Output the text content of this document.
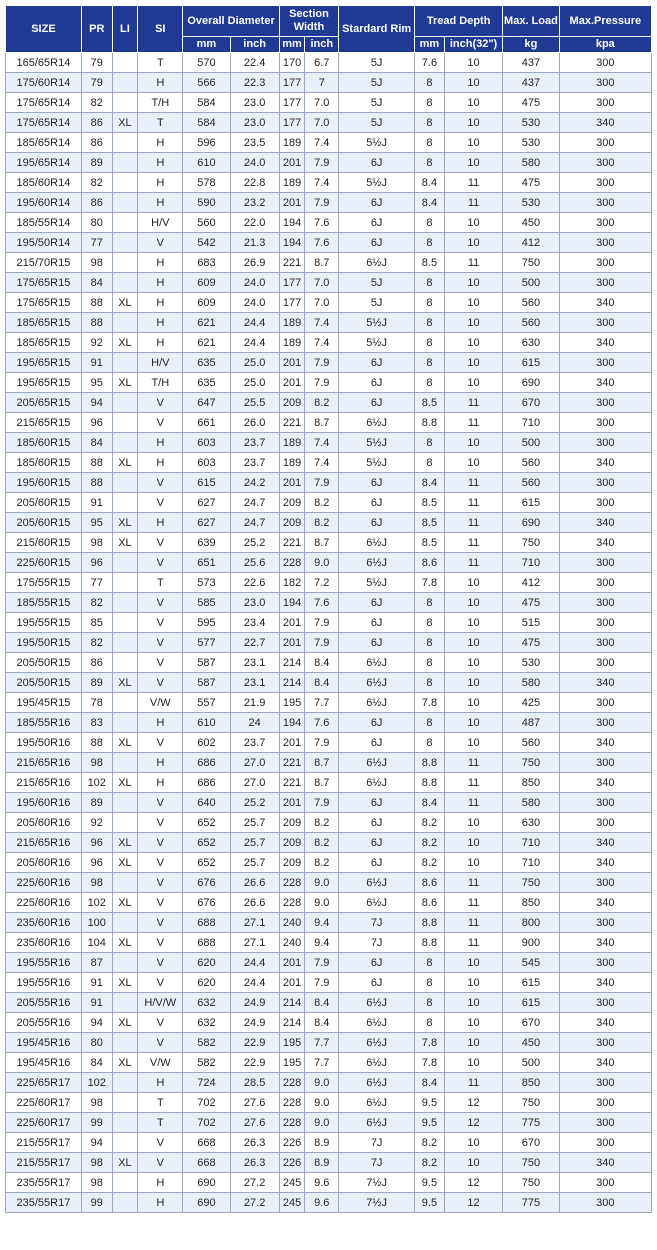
SIZE	PR	LI	SI	Overall Diameter		Section Width		Stardard Rim	Tread Depth		Max. Load	Max.Pressure
				mm	inch	mm	inch		mm	inch(32")	kg	kpa
165/65R14	79		T	570	22.4	170	6.7	5J	7.6	10	437	300
175/60R14	79		H	566	22.3	177	7	5J	8	10	437	300
175/65R14	82		T/H	584	23.0	177	7.0	5J	8	10	475	300
175/65R14	86	XL	T	584	23.0	177	7.0	5J	8	10	530	340
185/65R14	86		H	596	23.5	189	7.4	5½J	8	10	530	300
195/65R14	89		H	610	24.0	201	7.9	6J	8	10	580	300
185/60R14	82		H	578	22.8	189	7.4	5½J	8.4	11	475	300
195/60R14	86		H	590	23.2	201	7.9	6J	8.4	11	530	300
185/55R14	80		H/V	560	22.0	194	7.6	6J	8	10	450	300
195/50R14	77		V	542	21.3	194	7.6	6J	8	10	412	300
215/70R15	98		H	683	26.9	221	8.7	6½J	8.5	11	750	300
175/65R15	84		H	609	24.0	177	7.0	5J	8	10	500	300
175/65R15	88	XL	H	609	24.0	177	7.0	5J	8	10	560	340
185/65R15	88		H	621	24.4	189	7.4	5½J	8	10	560	300
185/65R15	92	XL	H	621	24.4	189	7.4	5½J	8	10	630	340
195/65R15	91		H/V	635	25.0	201	7.9	6J	8	10	615	300
195/65R15	95	XL	T/H	635	25.0	201	7.9	6J	8	10	690	340
205/65R15	94		V	647	25.5	209	8.2	6J	8.5	11	670	300
215/65R15	96		V	661	26.0	221	8.7	6½J	8.8	11	710	300
185/60R15	84		H	603	23.7	189	7.4	5½J	8	10	500	300
185/60R15	88	XL	H	603	23.7	189	7.4	5½J	8	10	560	340
195/60R15	88		V	615	24.2	201	7.9	6J	8.4	11	560	300
205/60R15	91		V	627	24.7	209	8.2	6J	8.5	11	615	300
205/60R15	95	XL	H	627	24.7	209	8.2	6J	8.5	11	690	340
215/60R15	98	XL	V	639	25.2	221	8.7	6½J	8.5	11	750	340
225/60R15	96		V	651	25.6	228	9.0	6½J	8.6	11	710	300
175/55R15	77		T	573	22.6	182	7.2	5½J	7.8	10	412	300
185/55R15	82		V	585	23.0	194	7.6	6J	8	10	475	300
195/55R15	85		V	595	23.4	201	7.9	6J	8	10	515	300
195/50R15	82		V	577	22.7	201	7.9	6J	8	10	475	300
205/50R15	86		V	587	23.1	214	8.4	6½J	8	10	530	300
205/50R15	89	XL	V	587	23.1	214	8.4	6½J	8	10	580	340
195/45R15	78		V/W	557	21.9	195	7.7	6½J	7.8	10	425	300
185/55R16	83		H	610	24	194	7.6	6J	8	10	487	300
195/50R16	88	XL	V	602	23.7	201	7.9	6J	8	10	560	340
215/65R16	98		H	686	27.0	221	8.7	6½J	8.8	11	750	300
215/65R16	102	XL	H	686	27.0	221	8.7	6½J	8.8	11	850	340
195/60R16	89		V	640	25.2	201	7.9	6J	8.4	11	580	300
205/60R16	92		V	652	25.7	209	8.2	6J	8.2	10	630	300
215/65R16	96	XL	V	652	25.7	209	8.2	6J	8.2	10	710	340
205/60R16	96	XL	V	652	25.7	209	8.2	6J	8.2	10	710	340
225/60R16	98		V	676	26.6	228	9.0	6½J	8.6	11	750	300
225/60R16	102	XL	V	676	26.6	228	9.0	6½J	8.6	11	850	340
235/60R16	100		V	688	27.1	240	9.4	7J	8.8	11	800	300
235/60R16	104	XL	V	688	27.1	240	9.4	7J	8.8	11	900	340
195/55R16	87		V	620	24.4	201	7.9	6J	8	10	545	300
195/55R16	91	XL	V	620	24.4	201	7.9	6J	8	10	615	340
205/55R16	91		H/V/W	632	24.9	214	8.4	6½J	8	10	615	300
205/55R16	94	XL	V	632	24.9	214	8.4	6½J	8	10	670	340
195/45R16	80		V	582	22.9	195	7.7	6½J	7.8	10	450	300
195/45R16	84	XL	V/W	582	22.9	195	7.7	6½J	7.8	10	500	340
225/65R17	102		H	724	28.5	228	9.0	6½J	8.4	11	850	300
225/60R17	98		T	702	27.6	228	9.0	6½J	9.5	12	750	300
225/60R17	99		T	702	27.6	228	9.0	6½J	9.5	12	775	300
215/55R17	94		V	668	26.3	226	8.9	7J	8.2	10	670	300
215/55R17	98	XL	V	668	26.3	226	8.9	7J	8.2	10	750	340
235/55R17	98		H	690	27.2	245	9.6	7½J	9.5	12	750	300
235/55R17	99		H	690	27.2	245	9.6	7½J	9.5	12	775	300
